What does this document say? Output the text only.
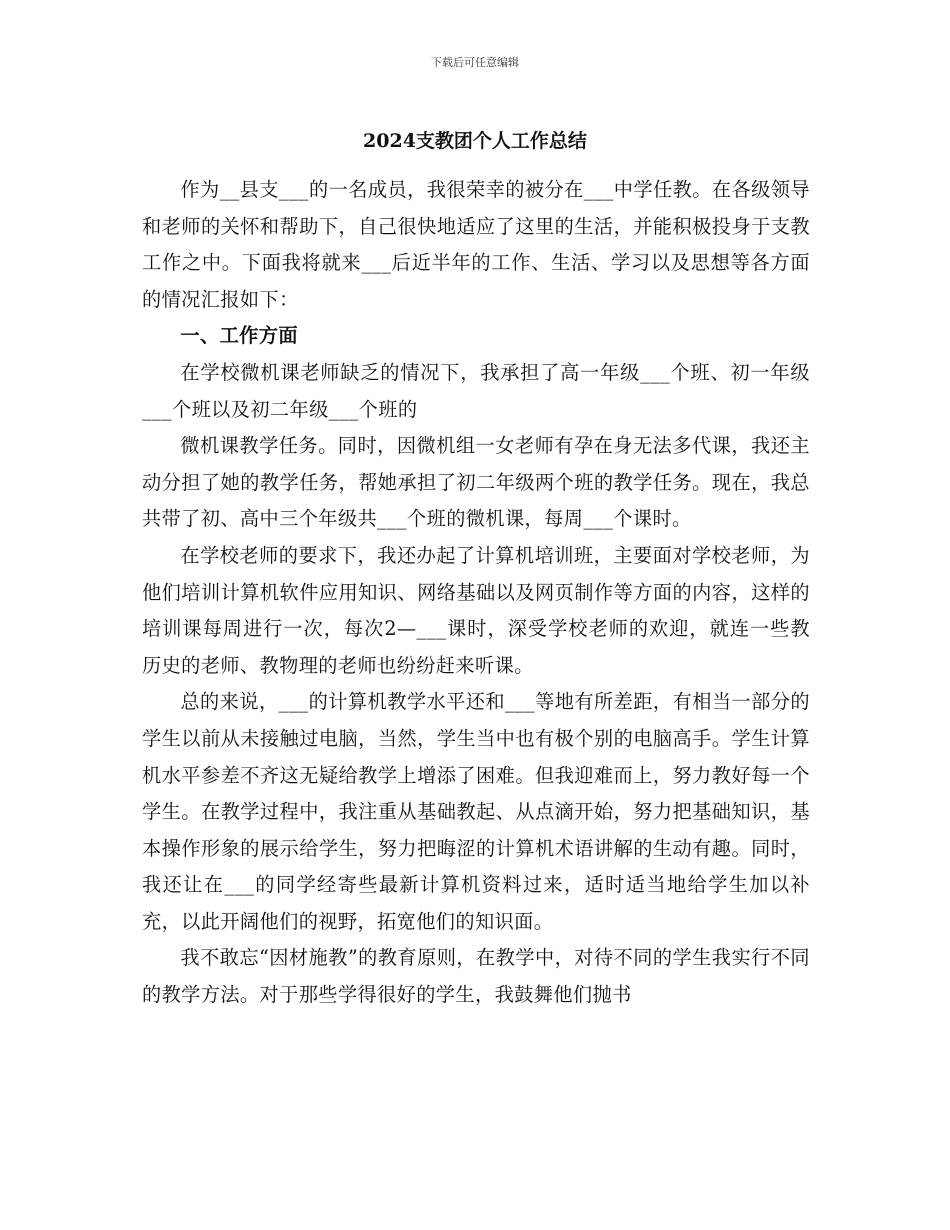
下载后可任意编辑
2024支教团个人工作总结

作为__县支___的一名成员，我很荣幸的被分在___中学任教。在各级领导和老师的关怀和帮助下，自己很快地适应了这里的生活，并能积极投身于支教工作之中。下面我将就来___后近半年的工作、生活、学习以及思想等各方面的情况汇报如下：

一、工作方面

在学校微机课老师缺乏的情况下，我承担了高一年级___个班、初一年级___个班以及初二年级___个班的

微机课教学任务。同时，因微机组一女老师有孕在身无法多代课，我还主动分担了她的教学任务，帮她承担了初二年级两个班的教学任务。现在，我总共带了初、高中三个年级共___个班的微机课，每周___个课时。

在学校老师的要求下，我还办起了计算机培训班，主要面对学校老师，为他们培训计算机软件应用知识、网络基础以及网页制作等方面的内容，这样的培训课每周进行一次，每次2—___课时，深受学校老师的欢迎，就连一些教历史的老师、教物理的老师也纷纷赶来听课。

总的来说，___的计算机教学水平还和___等地有所差距，有相当一部分的学生以前从未接触过电脑，当然，学生当中也有极个别的电脑高手。学生计算机水平参差不齐这无疑给教学上增添了困难。但我迎难而上，努力教好每一个学生。在教学过程中，我注重从基础教起、从点滴开始，努力把基础知识，基本操作形象的展示给学生，努力把晦涩的计算机术语讲解的生动有趣。同时，我还让在___的同学经寄些最新计算机资料过来，适时适当地给学生加以补充，以此开阔他们的视野，拓宽他们的知识面。

我不敢忘“因材施教”的教育原则，在教学中，对待不同的学生我实行不同的教学方法。对于那些学得很好的学生，我鼓舞他们抛书
